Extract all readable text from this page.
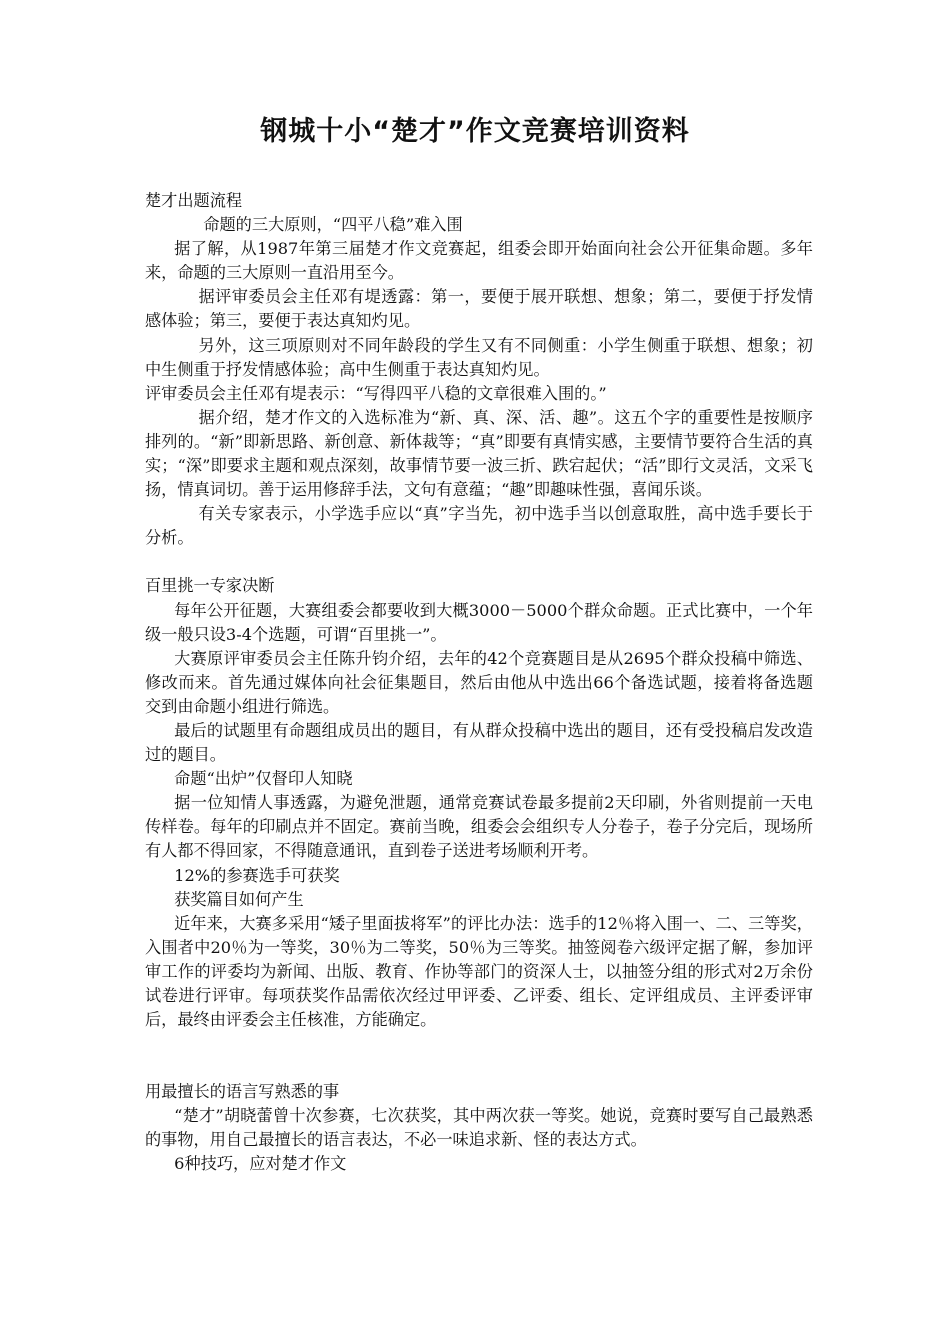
钢城十小“楚才”作文竞赛培训资料

楚才出题流程

命题的三大原则，“四平八稳”难入围

据了解，从1987年第三届楚才作文竞赛起，组委会即开始面向社会公开征集命题。多年来，命题的三大原则一直沿用至今。

据评审委员会主任邓有堤透露：第一，要便于展开联想、想象；第二，要便于抒发情感体验；第三，要便于表达真知灼见。

另外，这三项原则对不同年龄段的学生又有不同侧重：小学生侧重于联想、想象；初中生侧重于抒发情感体验；高中生侧重于表达真知灼见。

评审委员会主任邓有堤表示：“写得四平八稳的文章很难入围的。”

据介绍，楚才作文的入选标准为“新、真、深、活、趣”。这五个字的重要性是按顺序排列的。“新”即新思路、新创意、新体裁等；“真”即要有真情实感，主要情节要符合生活的真实；“深”即要求主题和观点深刻，故事情节要一波三折、跌宕起伏；“活”即行文灵活，文采飞扬，情真词切。善于运用修辞手法，文句有意蕴；“趣”即趣味性强，喜闻乐谈。

有关专家表示，小学选手应以“真”字当先，初中选手当以创意取胜，高中选手要长于分析。

百里挑一专家决断

每年公开征题，大赛组委会都要收到大概3000－5000个群众命题。正式比赛中，一个年级一般只设3-4个选题，可谓“百里挑一”。

大赛原评审委员会主任陈升钧介绍，去年的42个竞赛题目是从2695个群众投稿中筛选、修改而来。首先通过媒体向社会征集题目，然后由他从中选出66个备选试题，接着将备选题交到由命题小组进行筛选。

最后的试题里有命题组成员出的题目，有从群众投稿中选出的题目，还有受投稿启发改造过的题目。

命题“出炉”仅督印人知晓

据一位知情人事透露，为避免泄题，通常竞赛试卷最多提前2天印刷，外省则提前一天电传样卷。每年的印刷点并不固定。赛前当晚，组委会会组织专人分卷子，卷子分完后，现场所有人都不得回家，不得随意通讯，直到卷子送进考场顺利开考。

12%的参赛选手可获奖

获奖篇目如何产生

近年来，大赛多采用“矮子里面拔将军”的评比办法：选手的12％将入围一、二、三等奖，入围者中20％为一等奖，30％为二等奖，50％为三等奖。抽签阅卷六级评定据了解，参加评审工作的评委均为新闻、出版、教育、作协等部门的资深人士，以抽签分组的形式对2万余份试卷进行评审。每项获奖作品需依次经过甲评委、乙评委、组长、定评组成员、主评委评审后，最终由评委会主任核准，方能确定。

用最擅长的语言写熟悉的事

“楚才”胡晓蕾曾十次参赛，七次获奖，其中两次获一等奖。她说，竞赛时要写自己最熟悉的事物，用自己最擅长的语言表达，不必一味追求新、怪的表达方式。

6种技巧，应对楚才作文
